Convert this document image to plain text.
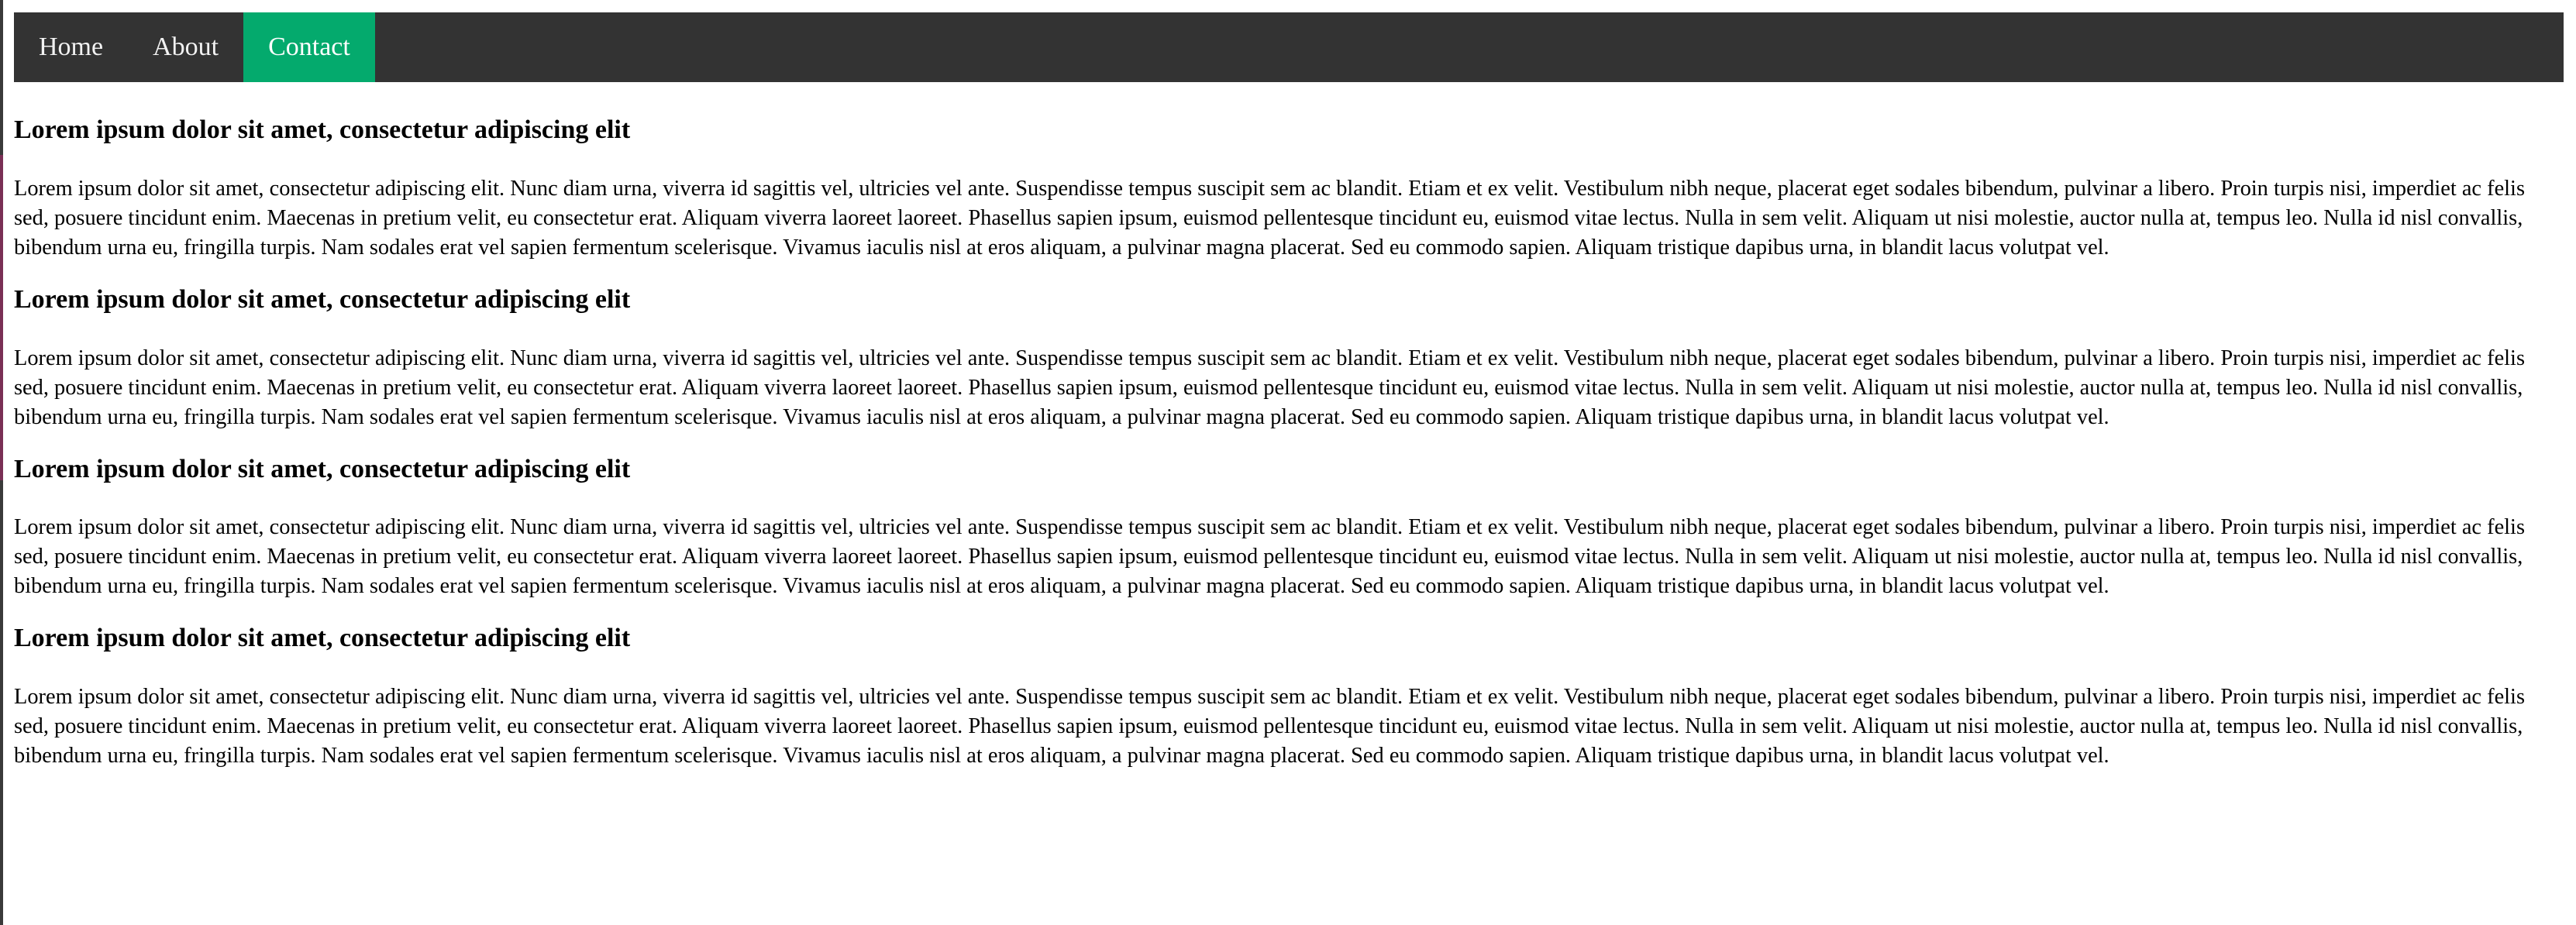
Home	About	Contact
Lorem ipsum dolor sit amet, consectetur adipiscing elit

Lorem ipsum dolor sit amet, consectetur adipiscing elit. Nunc diam urna, viverra id sagittis vel, ultricies vel ante. Suspendisse tempus suscipit sem ac blandit. Etiam et ex velit. Vestibulum nibh neque, placerat eget sodales bibendum, pulvinar a libero. Proin turpis nisi, imperdiet ac felis sed, posuere tincidunt enim. Maecenas in pretium velit, eu consectetur erat. Aliquam viverra laoreet laoreet. Phasellus sapien ipsum, euismod pellentesque tincidunt eu, euismod vitae lectus. Nulla in sem velit. Aliquam ut nisi molestie, auctor nulla at, tempus leo. Nulla id nisl convallis, bibendum urna eu, fringilla turpis. Nam sodales erat vel sapien fermentum scelerisque. Vivamus iaculis nisl at eros aliquam, a pulvinar magna placerat. Sed eu commodo sapien. Aliquam tristique dapibus urna, in blandit lacus volutpat vel.

Lorem ipsum dolor sit amet, consectetur adipiscing elit

Lorem ipsum dolor sit amet, consectetur adipiscing elit. Nunc diam urna, viverra id sagittis vel, ultricies vel ante. Suspendisse tempus suscipit sem ac blandit. Etiam et ex velit. Vestibulum nibh neque, placerat eget sodales bibendum, pulvinar a libero. Proin turpis nisi, imperdiet ac felis sed, posuere tincidunt enim. Maecenas in pretium velit, eu consectetur erat. Aliquam viverra laoreet laoreet. Phasellus sapien ipsum, euismod pellentesque tincidunt eu, euismod vitae lectus. Nulla in sem velit. Aliquam ut nisi molestie, auctor nulla at, tempus leo. Nulla id nisl convallis, bibendum urna eu, fringilla turpis. Nam sodales erat vel sapien fermentum scelerisque. Vivamus iaculis nisl at eros aliquam, a pulvinar magna placerat. Sed eu commodo sapien. Aliquam tristique dapibus urna, in blandit lacus volutpat vel.

Lorem ipsum dolor sit amet, consectetur adipiscing elit

Lorem ipsum dolor sit amet, consectetur adipiscing elit. Nunc diam urna, viverra id sagittis vel, ultricies vel ante. Suspendisse tempus suscipit sem ac blandit. Etiam et ex velit. Vestibulum nibh neque, placerat eget sodales bibendum, pulvinar a libero. Proin turpis nisi, imperdiet ac felis sed, posuere tincidunt enim. Maecenas in pretium velit, eu consectetur erat. Aliquam viverra laoreet laoreet. Phasellus sapien ipsum, euismod pellentesque tincidunt eu, euismod vitae lectus. Nulla in sem velit. Aliquam ut nisi molestie, auctor nulla at, tempus leo. Nulla id nisl convallis, bibendum urna eu, fringilla turpis. Nam sodales erat vel sapien fermentum scelerisque. Vivamus iaculis nisl at eros aliquam, a pulvinar magna placerat. Sed eu commodo sapien. Aliquam tristique dapibus urna, in blandit lacus volutpat vel.

Lorem ipsum dolor sit amet, consectetur adipiscing elit

Lorem ipsum dolor sit amet, consectetur adipiscing elit. Nunc diam urna, viverra id sagittis vel, ultricies vel ante. Suspendisse tempus suscipit sem ac blandit. Etiam et ex velit. Vestibulum nibh neque, placerat eget sodales bibendum, pulvinar a libero. Proin turpis nisi, imperdiet ac felis sed, posuere tincidunt enim. Maecenas in pretium velit, eu consectetur erat. Aliquam viverra laoreet laoreet. Phasellus sapien ipsum, euismod pellentesque tincidunt eu, euismod vitae lectus. Nulla in sem velit. Aliquam ut nisi molestie, auctor nulla at, tempus leo. Nulla id nisl convallis, bibendum urna eu, fringilla turpis. Nam sodales erat vel sapien fermentum scelerisque. Vivamus iaculis nisl at eros aliquam, a pulvinar magna placerat. Sed eu commodo sapien. Aliquam tristique dapibus urna, in blandit lacus volutpat vel.
